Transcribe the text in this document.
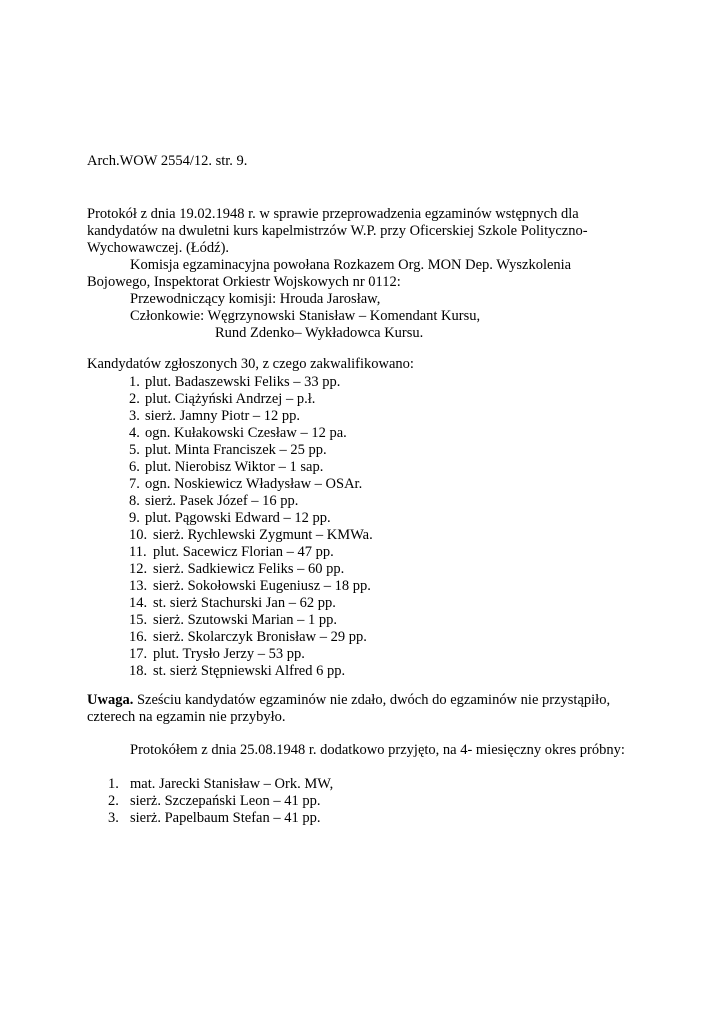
Arch.WOW 2554/12. str. 9.
Protokół z dnia 19.02.1948 r. w sprawie przeprowadzenia egzaminów wstępnych dla
kandydatów na dwuletni kurs kapelmistrzów W.P. przy Oficerskiej Szkole Polityczno-
Wychowawczej. (Łódź).
Komisja egzaminacyjna powołana Rozkazem Org. MON Dep. Wyszkolenia
Bojowego, Inspektorat Orkiestr Wojskowych nr 0112:
Przewodniczący komisji: Hrouda Jarosław,
Członkowie: Węgrzynowski Stanisław – Komendant Kursu,
Rund Zdenko– Wykładowca Kursu.
Kandydatów zgłoszonych 30, z czego zakwalifikowano:
1. plut. Badaszewski Feliks – 33 pp.
2. plut. Ciążyński Andrzej – p.ł.
3. sierż. Jamny Piotr – 12 pp.
4. ogn. Kułakowski Czesław – 12 pa.
5. plut. Minta Franciszek – 25 pp.
6. plut. Nierobisz Wiktor – 1 sap.
7. ogn. Noskiewicz Władysław – OSAr.
8. sierż. Pasek Józef – 16 pp.
9. plut. Pągowski Edward – 12 pp.
10. sierż. Rychlewski Zygmunt – KMWa.
11. plut. Sacewicz Florian – 47 pp.
12. sierż. Sadkiewicz Feliks – 60 pp.
13. sierż. Sokołowski Eugeniusz – 18 pp.
14. st. sierż Stachurski Jan – 62 pp.
15. sierż. Szutowski Marian – 1 pp.
16. sierż. Skolarczyk Bronisław – 29 pp.
17. plut. Trysło Jerzy – 53 pp.
18. st. sierż Stępniewski Alfred 6 pp.
Uwaga. Sześciu kandydatów egzaminów nie zdało, dwóch do egzaminów nie przystąpiło,
czterech na egzamin nie przybyło.
Protokółem z dnia 25.08.1948 r. dodatkowo przyjęto, na 4- miesięczny okres próbny:
1. mat. Jarecki Stanisław – Ork. MW,
2. sierż. Szczepański Leon – 41 pp.
3. sierż. Papelbaum Stefan – 41 pp.
